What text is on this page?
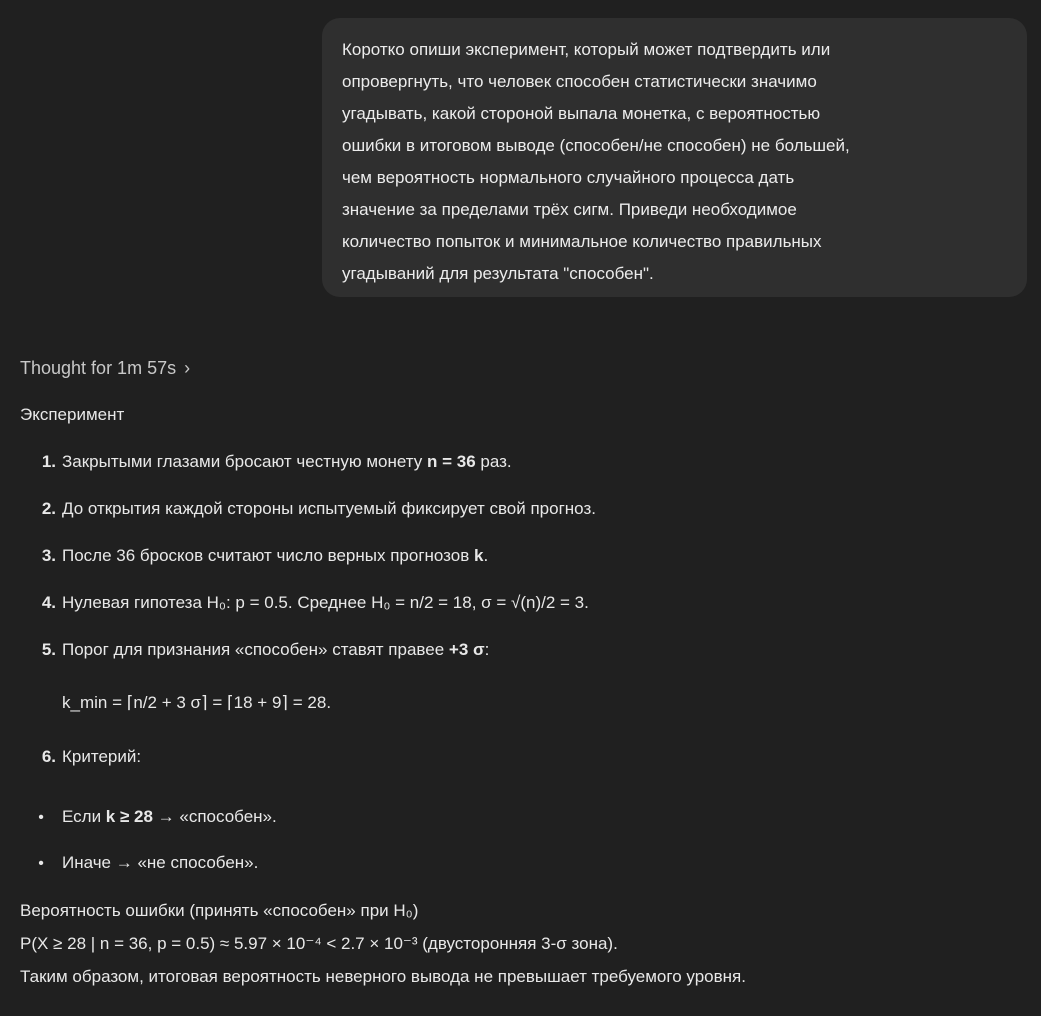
Коротко опиши эксперимент, который может подтвердить или
опровергнуть, что человек способен статистически значимо
угадывать, какой стороной выпала монетка, с вероятностью
ошибки в итоговом выводе (способен/не способен) не большей,
чем вероятность нормального случайного процесса дать
значение за пределами трёх сигм. Приведи необходимое
количество попыток и минимальное количество правильных
угадываний для результата "способен".

Thought for 1m 57s ›
Эксперимент
1. Закрытыми глазами бросают честную монету n = 36 раз.
2. До открытия каждой стороны испытуемый фиксирует свой прогноз.
3. После 36 бросков считают число верных прогнозов k.
4. Нулевая гипотеза H₀: p = 0.5. Среднее H₀ = n/2 = 18, σ = √(n)/2 = 3.
5. Порог для признания «способен» ставят правее +3 σ:
k_min = ⌈n/2 + 3 σ⌉ = ⌈18 + 9⌉ = 28.
6. Критерий:
•	Если k ≥ 28 → «способен».
•	Иначе → «не способен».
Вероятность ошибки (принять «способен» при H₀)
P(X ≥ 28 | n = 36, p = 0.5) ≈ 5.97 × 10⁻⁴ < 2.7 × 10⁻³ (двусторонняя 3-σ зона).
Таким образом, итоговая вероятность неверного вывода не превышает требуемого уровня.
